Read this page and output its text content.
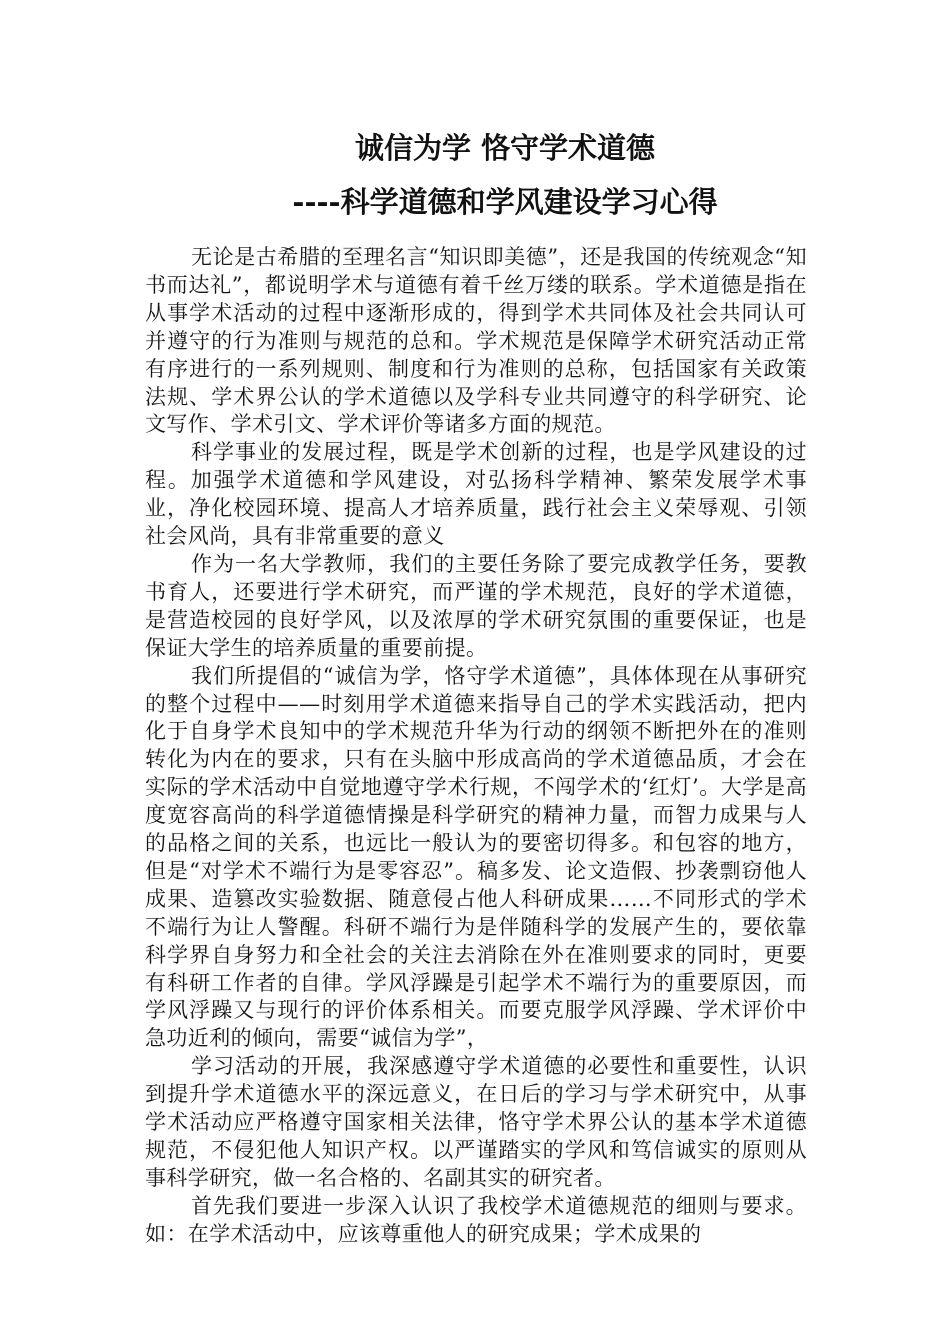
诚信为学 恪守学术道德
----科学道德和学风建设学习心得

无论是古希腊的至理名言“知识即美德”，还是我国的传统观念“知书而达礼”，都说明学术与道德有着千丝万缕的联系。学术道德是指在从事学术活动的过程中逐渐形成的，得到学术共同体及社会共同认可并遵守的行为准则与规范的总和。学术规范是保障学术研究活动正常有序进行的一系列规则、制度和行为准则的总称，包括国家有关政策法规、学术界公认的学术道德以及学科专业共同遵守的科学研究、论文写作、学术引文、学术评价等诸多方面的规范。

科学事业的发展过程，既是学术创新的过程，也是学风建设的过程。加强学术道德和学风建设，对弘扬科学精神、繁荣发展学术事业，净化校园环境、提高人才培养质量，践行社会主义荣辱观、引领社会风尚，具有非常重要的意义

作为一名大学教师，我们的主要任务除了要完成教学任务，要教书育人，还要进行学术研究，而严谨的学术规范，良好的学术道德，是营造校园的良好学风，以及浓厚的学术研究氛围的重要保证，也是保证大学生的培养质量的重要前提。

我们所提倡的“诚信为学，恪守学术道德”，具体体现在从事研究的整个过程中——时刻用学术道德来指导自己的学术实践活动，把内化于自身学术良知中的学术规范升华为行动的纲领不断把外在的准则转化为内在的要求，只有在头脑中形成高尚的学术道德品质，才会在实际的学术活动中自觉地遵守学术行规，不闯学术的‘红灯’。大学是高度宽容高尚的科学道德情操是科学研究的精神力量，而智力成果与人的品格之间的关系，也远比一般认为的要密切得多。和包容的地方，但是“对学术不端行为是零容忍”。稿多发、论文造假、抄袭剽窃他人成果、造篡改实验数据、随意侵占他人科研成果……不同形式的学术不端行为让人警醒。科研不端行为是伴随科学的发展产生的，要依靠科学界自身努力和全社会的关注去消除在外在准则要求的同时，更要有科研工作者的自律。学风浮躁是引起学术不端行为的重要原因，而学风浮躁又与现行的评价体系相关。而要克服学风浮躁、学术评价中急功近利的倾向，需要“诚信为学”，

学习活动的开展，我深感遵守学术道德的必要性和重要性，认识到提升学术道德水平的深远意义，在日后的学习与学术研究中，从事学术活动应严格遵守国家相关法律，恪守学术界公认的基本学术道德规范，不侵犯他人知识产权。以严谨踏实的学风和笃信诚实的原则从事科学研究，做一名合格的、名副其实的研究者。

首先我们要进一步深入认识了我校学术道德规范的细则与要求。如：在学术活动中，应该尊重他人的研究成果；学术成果的
